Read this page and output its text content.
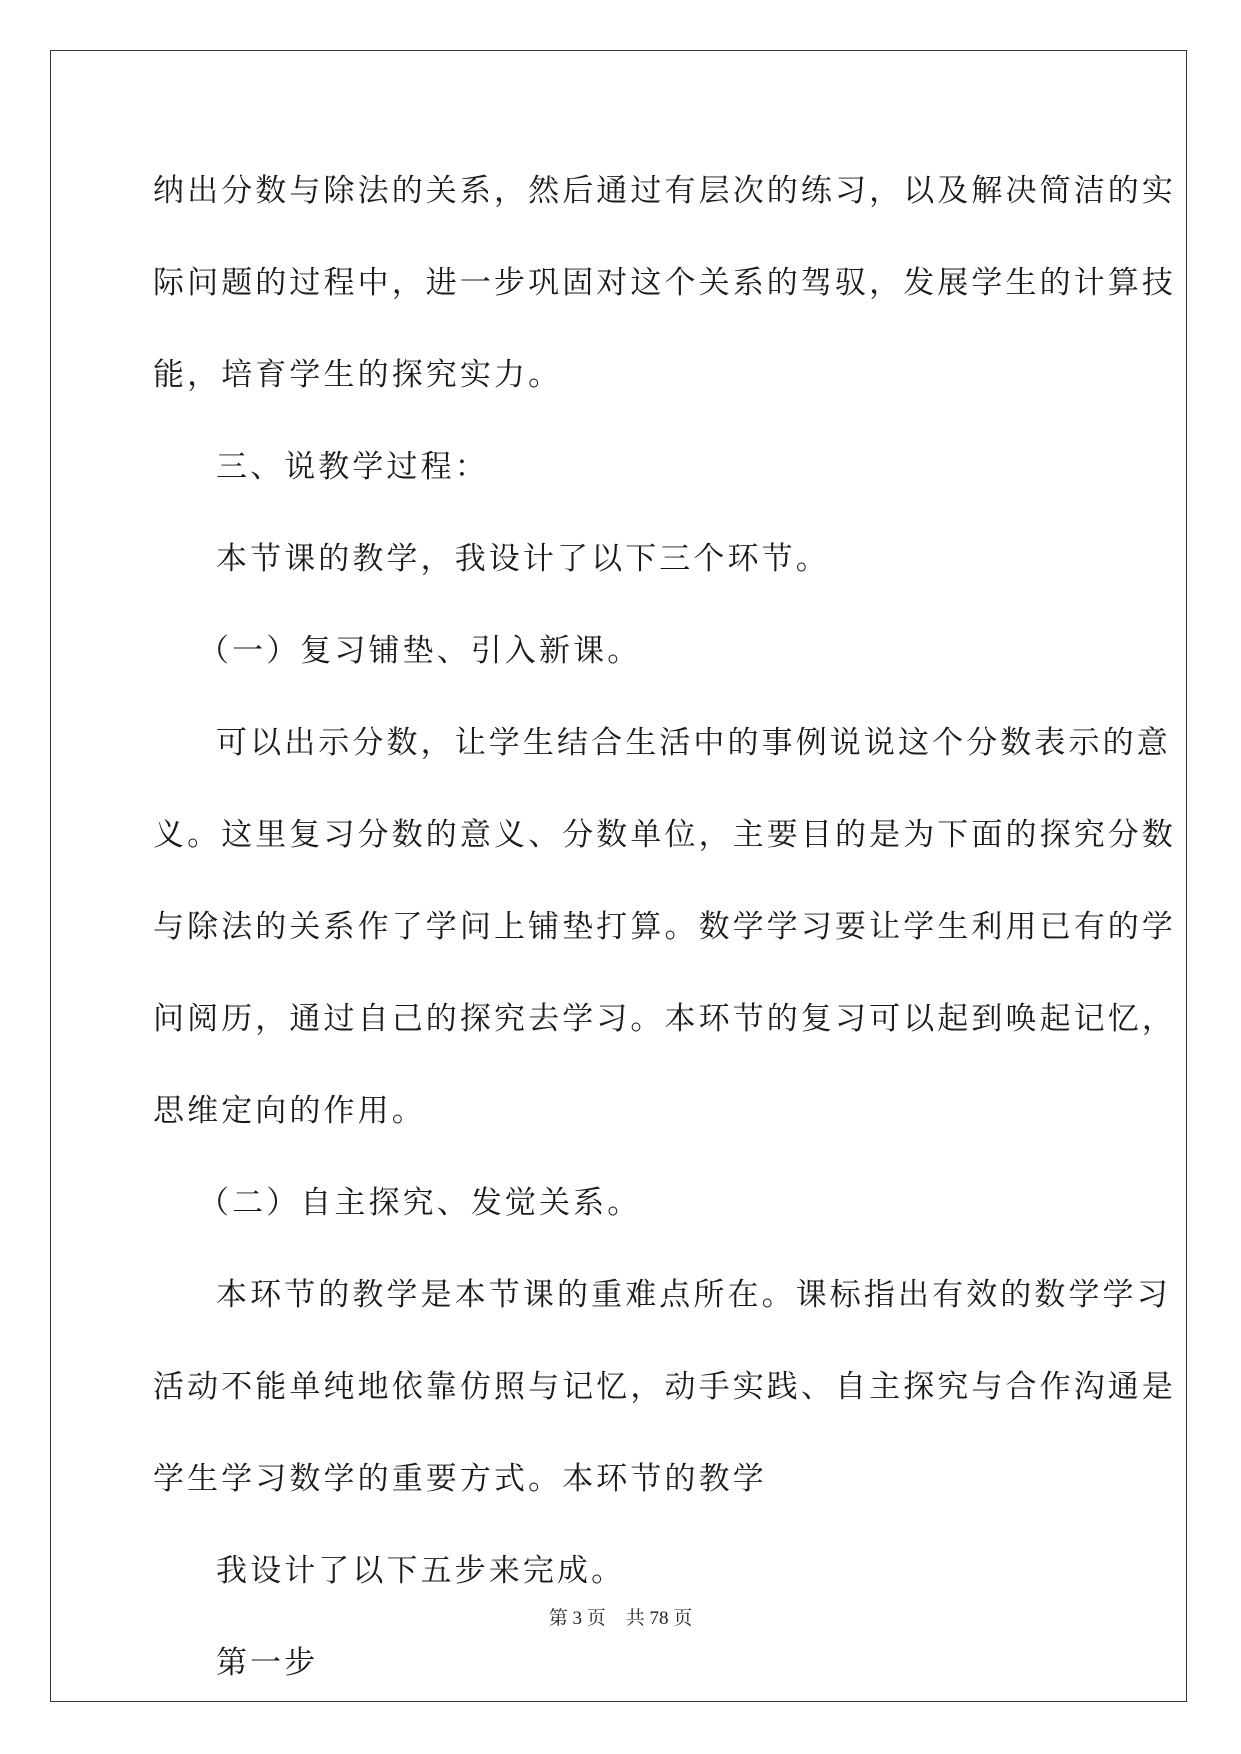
纳出分数与除法的关系，然后通过有层次的练习，以及解决简洁的实
际问题的过程中，进一步巩固对这个关系的驾驭，发展学生的计算技
能，培育学生的探究实力。
三、说教学过程：
本节课的教学，我设计了以下三个环节。
（一）复习铺垫、引入新课。
可以出示分数，让学生结合生活中的事例说说这个分数表示的意
义。这里复习分数的意义、分数单位，主要目的是为下面的探究分数
与除法的关系作了学问上铺垫打算。数学学习要让学生利用已有的学
问阅历，通过自己的探究去学习。本环节的复习可以起到唤起记忆，
思维定向的作用。
（二）自主探究、发觉关系。
本环节的教学是本节课的重难点所在。课标指出有效的数学学习
活动不能单纯地依靠仿照与记忆，动手实践、自主探究与合作沟通是
学生学习数学的重要方式。本环节的教学
我设计了以下五步来完成。
第一步
第 3 页 共 78 页
